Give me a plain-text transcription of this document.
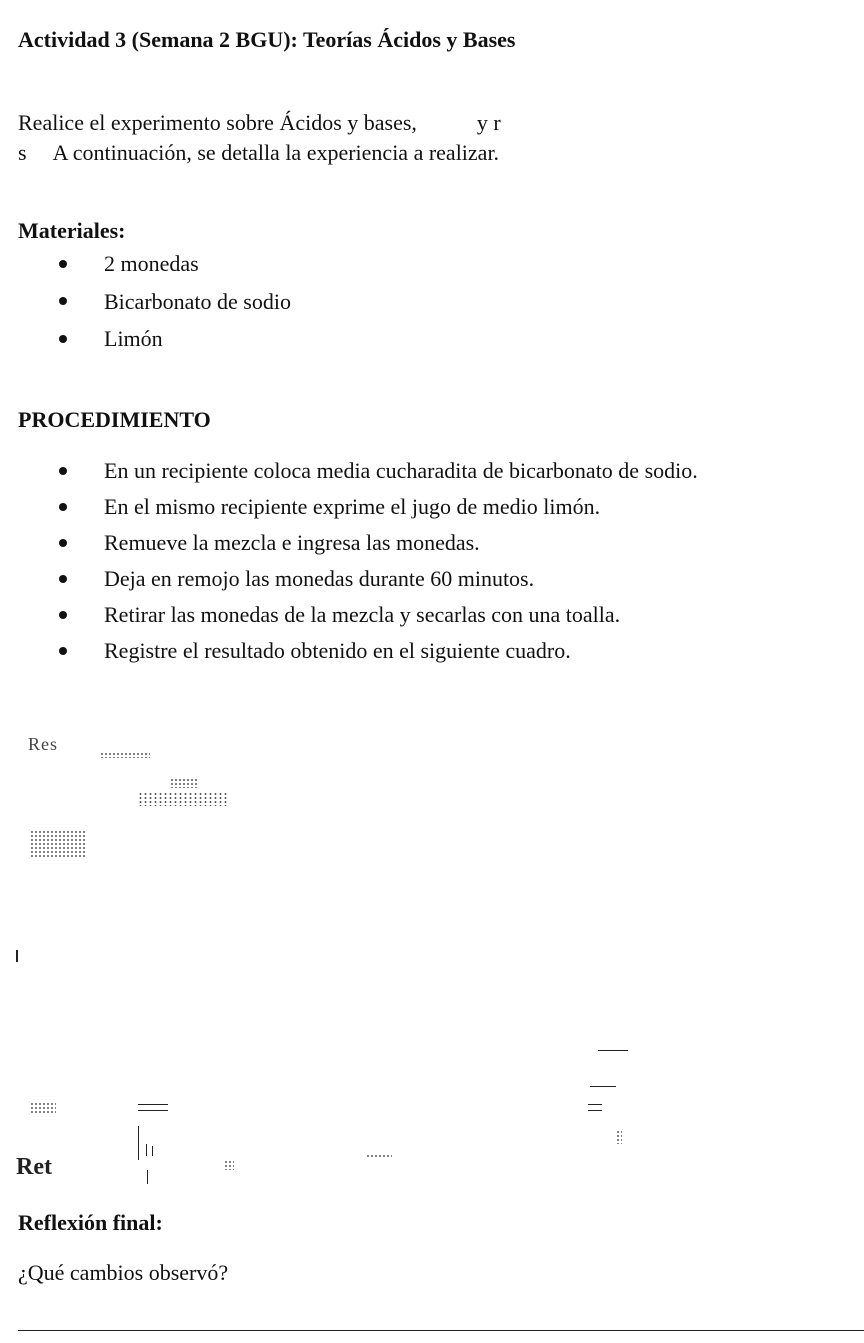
Actividad 3 (Semana 2 BGU): Teorías Ácidos y Bases
Realice el experimento sobre Ácidos y bases,	y r
s A continuación, se detalla la experiencia a realizar.
Materiales:
2 monedas
Bicarbonato de sodio
Limón
PROCEDIMIENTO
En un recipiente coloca media cucharadita de bicarbonato de sodio.
En el mismo recipiente exprime el jugo de medio limón.
Remueve la mezcla e ingresa las monedas.
Deja en remojo las monedas durante 60 minutos.
Retirar las monedas de la mezcla y secarlas con una toalla.
Registre el resultado obtenido en el siguiente cuadro.
Res
Ret
Reflexión final:
¿Qué cambios observó?
